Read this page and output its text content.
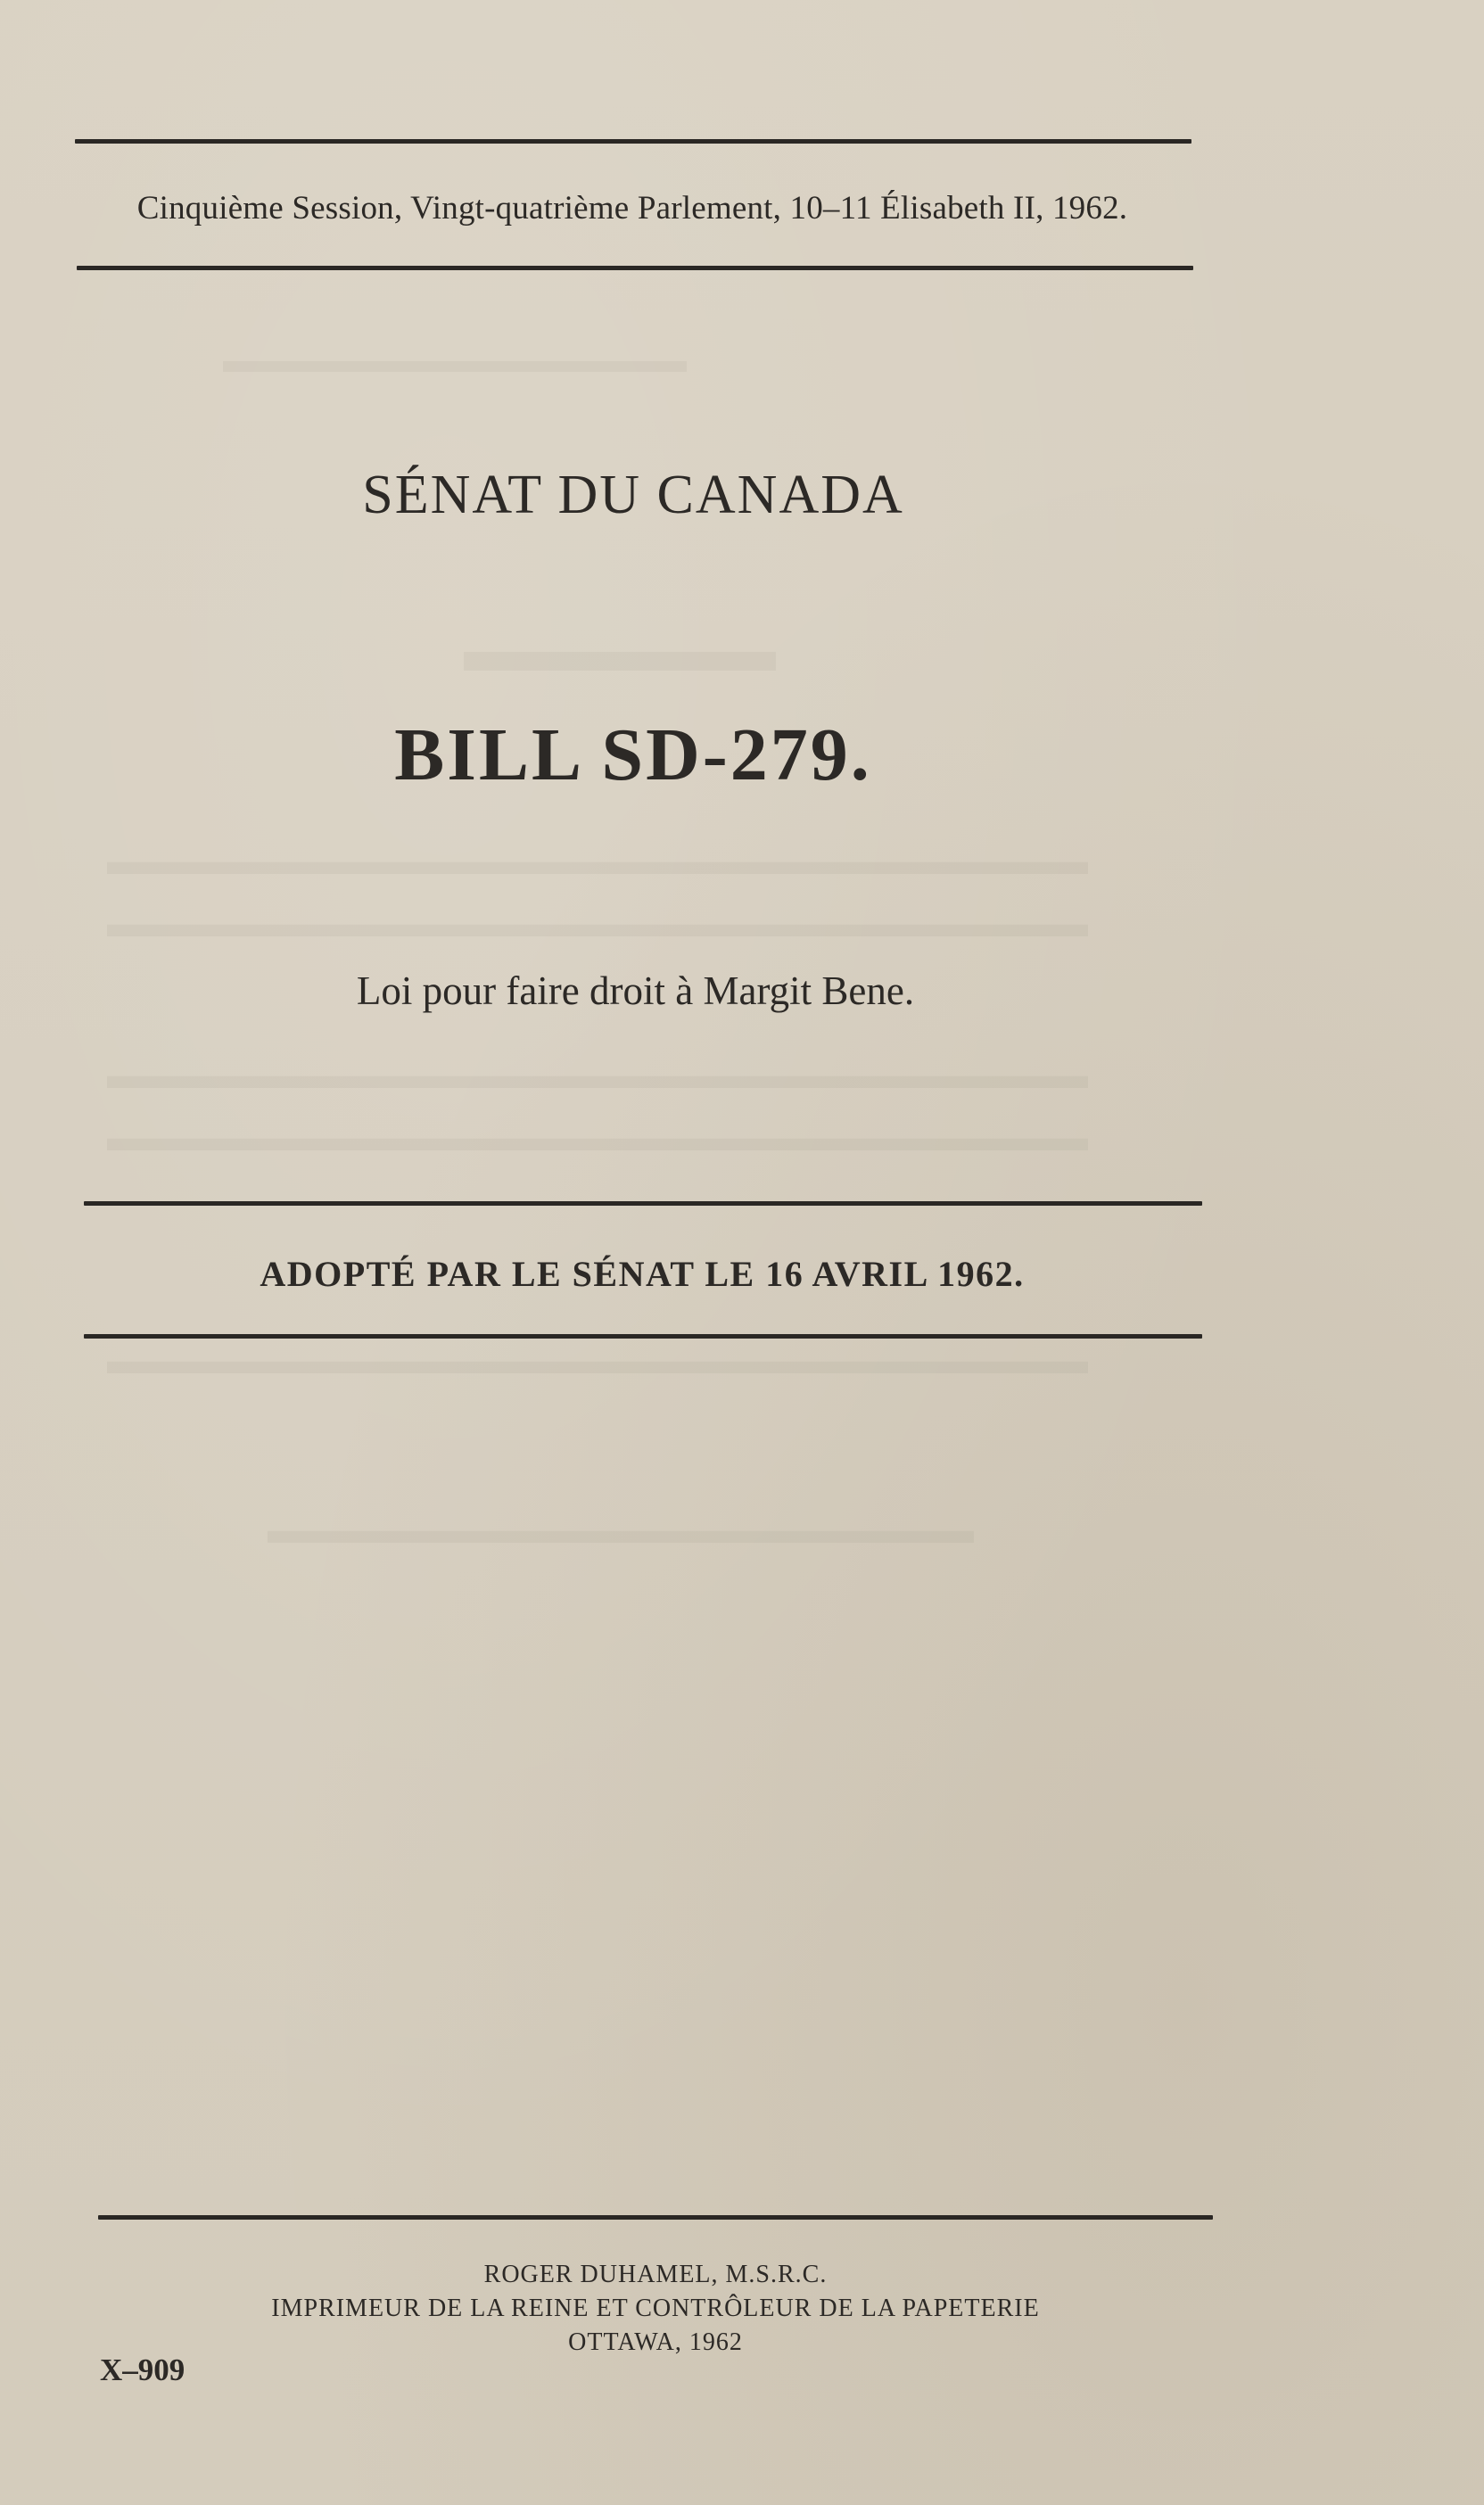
▬▬▬▬▬▬▬▬▬▬▬▬▬
▬▬▬▬▬
▬▬▬▬▬▬▬▬▬▬▬▬▬▬▬▬▬▬▬▬▬▬▬▬▬
▬▬▬▬▬▬▬▬▬▬▬▬▬▬▬▬▬▬▬▬▬▬▬▬▬
▬▬▬▬▬▬▬▬▬▬▬▬▬▬▬▬▬▬▬▬▬▬▬▬▬
▬▬▬▬▬▬▬▬▬▬▬▬▬▬▬▬▬▬▬▬▬▬▬▬▬
▬▬▬▬▬▬▬▬▬▬▬▬▬▬▬▬▬▬▬▬▬▬▬▬▬
▬▬▬▬▬▬▬▬▬▬▬▬▬▬▬▬▬▬
Cinquième Session, Vingt-quatrième Parlement, 10–11 Élisabeth II, 1962.
SÉNAT DU CANADA
BILL SD-279.
Loi pour faire droit à Margit Bene.
ADOPTÉ PAR LE SÉNAT LE 16 AVRIL 1962.
ROGER DUHAMEL, M.S.R.C.
IMPRIMEUR DE LA REINE ET CONTRÔLEUR DE LA PAPETERIE
OTTAWA, 1962
X–909
